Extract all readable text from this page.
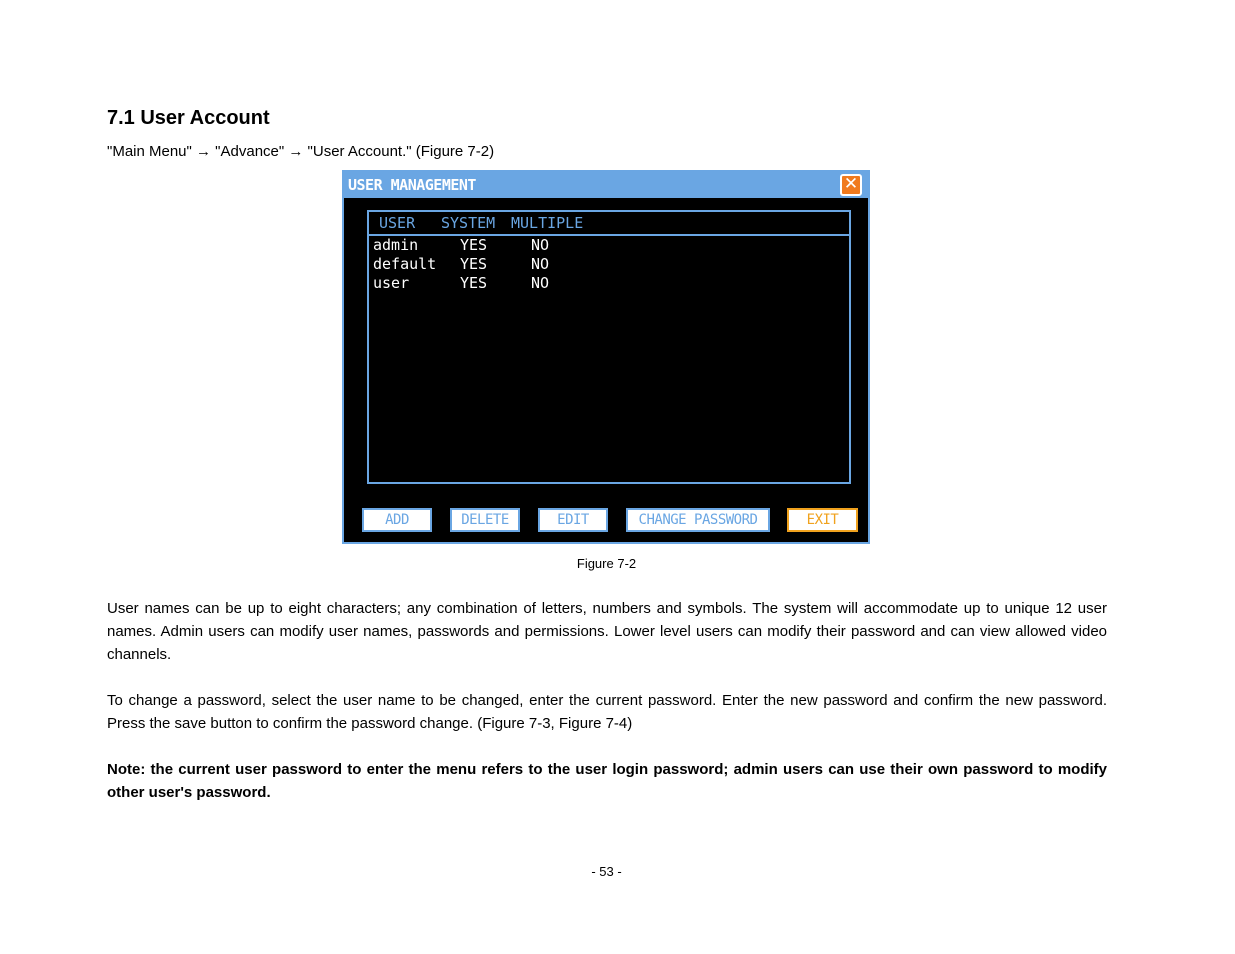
7.1 User Account
"Main Menu" → "Advance" → "User Account." (Figure 7-2)
USER MANAGEMENT	✕
USER SYSTEM MULTIPLE
admin	YES	NO
default YES	NO
user	YES	NO
ADD	DELETE	EDIT	CHANGE PASSWORD	EXIT
Figure 7-2
User names can be up to eight characters; any combination of letters, numbers and symbols. The system will accommodate up to unique 12 user names. Admin users can modify user names, passwords and permissions. Lower level users can modify their password and can view allowed video channels.
To change a password, select the user name to be changed, enter the current password. Enter the new password and confirm the new password. Press the save button to confirm the password change. (Figure 7-3, Figure 7-4)
Note: the current user password to enter the menu refers to the user login password; admin users can use their own password to modify other user's password.
- 53 -
